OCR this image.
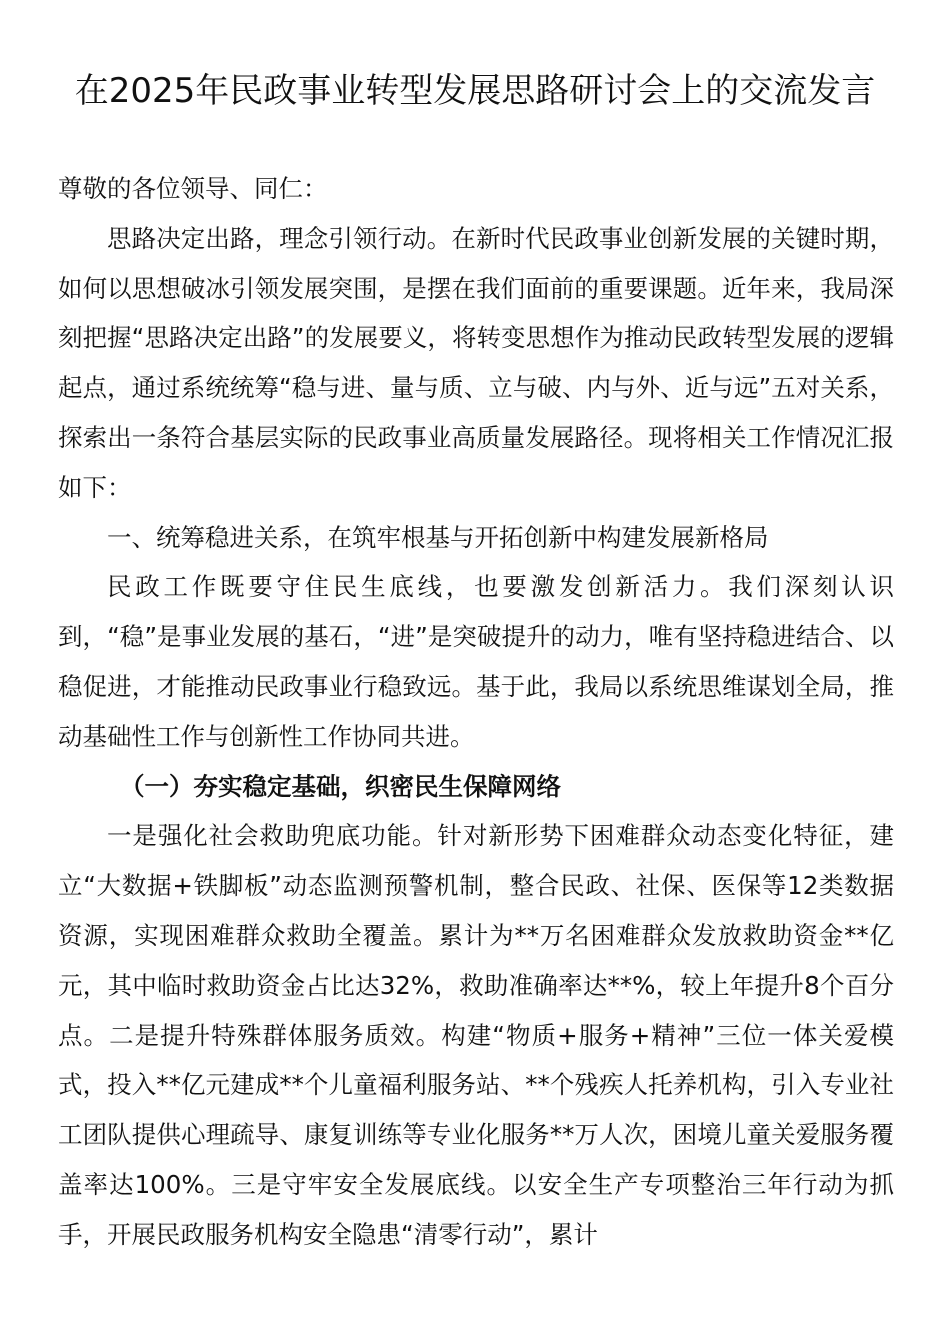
在2025年民政事业转型发展思路研讨会上的交流发言

尊敬的各位领导、同仁：

思路决定出路，理念引领行动。在新时代民政事业创新发展的关键时期，如何以思想破冰引领发展突围，是摆在我们面前的重要课题。近年来，我局深刻把握“思路决定出路”的发展要义，将转变思想作为推动民政转型发展的逻辑起点，通过系统统筹“稳与进、量与质、立与破、内与外、近与远”五对关系，探索出一条符合基层实际的民政事业高质量发展路径。现将相关工作情况汇报如下：

一、统筹稳进关系，在筑牢根基与开拓创新中构建发展新格局

民政工作既要守住民生底线，也要激发创新活力。我们深刻认识到，“稳”是事业发展的基石，“进”是突破提升的动力，唯有坚持稳进结合、以稳促进，才能推动民政事业行稳致远。基于此，我局以系统思维谋划全局，推动基础性工作与创新性工作协同共进。

（一）夯实稳定基础，织密民生保障网络

一是强化社会救助兜底功能。针对新形势下困难群众动态变化特征，建立“大数据+铁脚板”动态监测预警机制，整合民政、社保、医保等12类数据资源，实现困难群众救助全覆盖。累计为**万名困难群众发放救助资金**亿元，其中临时救助资金占比达32%，救助准确率达**%，较上年提升8个百分点。二是提升特殊群体服务质效。构建“物质+服务+精神”三位一体关爱模式，投入**亿元建成**个儿童福利服务站、**个残疾人托养机构，引入专业社工团队提供心理疏导、康复训练等专业化服务**万人次，困境儿童关爱服务覆盖率达100%。三是守牢安全发展底线。以安全生产专项整治三年行动为抓手，开展民政服务机构安全隐患“清零行动”，累计
